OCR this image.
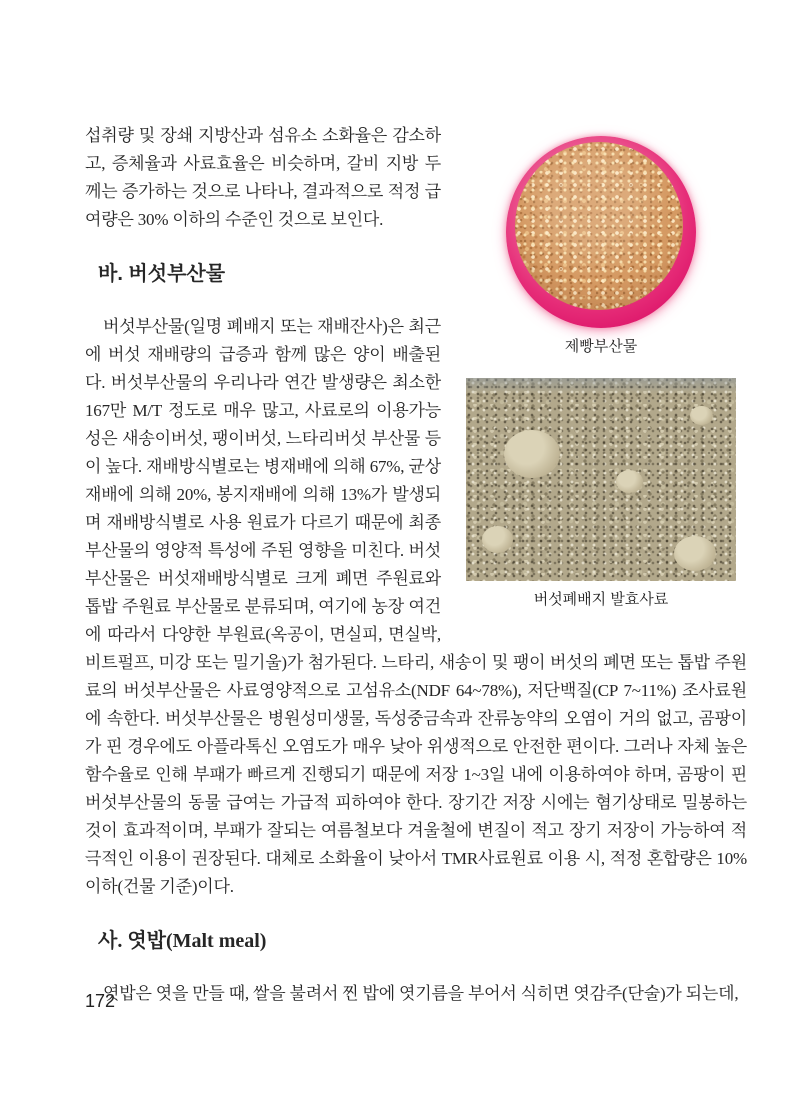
제빵부산물
버섯폐배지 발효사료

섭취량 및 장쇄 지방산과 섬유소 소화율은 감소하고, 증체율과 사료효율은 비슷하며, 갈비 지방 두께는 증가하는 것으로 나타나, 결과적으로 적정 급여량은 30% 이하의 수준인 것으로 보인다.

바. 버섯부산물

버섯부산물(일명 폐배지 또는 재배잔사)은 최근에 버섯 재배량의 급증과 함께 많은 양이 배출된다. 버섯부산물의 우리나라 연간 발생량은 최소한 167만 M/T 정도로 매우 많고, 사료로의 이용가능성은 새송이버섯, 팽이버섯, 느타리버섯 부산물 등이 높다. 재배방식별로는 병재배에 의해 67%, 균상재배에 의해 20%, 봉지재배에 의해 13%가 발생되며 재배방식별로 사용 원료가 다르기 때문에 최종 부산물의 영양적 특성에 주된 영향을 미친다. 버섯부산물은 버섯재배방식별로 크게 폐면 주원료와 톱밥 주원료 부산물로 분류되며, 여기에 농장 여건에 따라서 다양한 부원료(옥공이, 면실피, 면실박, 비트펄프, 미강 또는 밀기울)가 첨가된다. 느타리, 새송이 및 팽이 버섯의 폐면 또는 톱밥 주원료의 버섯부산물은 사료영양적으로 고섬유소(NDF 64~78%), 저단백질(CP 7~11%) 조사료원에 속한다. 버섯부산물은 병원성미생물, 독성중금속과 잔류농약의 오염이 거의 없고, 곰팡이가 핀 경우에도 아플라톡신 오염도가 매우 낮아 위생적으로 안전한 편이다. 그러나 자체 높은 함수율로 인해 부패가 빠르게 진행되기 때문에 저장 1~3일 내에 이용하여야 하며, 곰팡이 핀 버섯부산물의 동물 급여는 가급적 피하여야 한다. 장기간 저장 시에는 혐기상태로 밀봉하는 것이 효과적이며, 부패가 잘되는 여름철보다 겨울철에 변질이 적고 장기 저장이 가능하여 적극적인 이용이 권장된다. 대체로 소화율이 낮아서 TMR사료원료 이용 시, 적정 혼합량은 10% 이하(건물 기준)이다.

사. 엿밥(Malt meal)

엿밥은 엿을 만들 때, 쌀을 불려서 찐 밥에 엿기름을 부어서 식히면 엿감주(단술)가 되는데,

172
